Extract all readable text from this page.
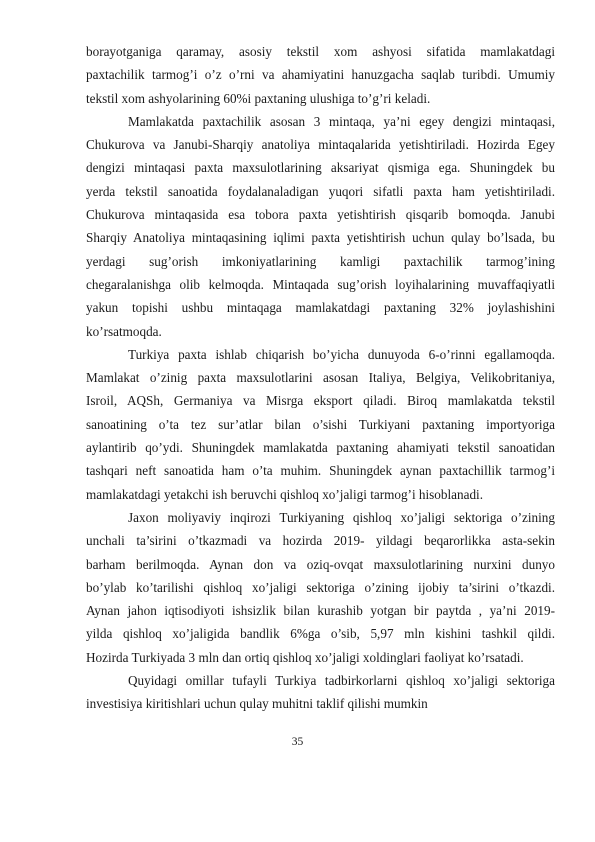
borayotganiga qaramay, asosiy tekstil xom ashyosi sifatida mamlakatdagi
paxtachilik tarmog’i o’z o’rni va ahamiyatini hanuzgacha saqlab turibdi. Umumiy
tekstil xom ashyolarining 60%i paxtaning ulushiga to’g’ri keladi.
Mamlakatda paxtachilik asosan 3 mintaqa, ya’ni egey dengizi mintaqasi,
Chukurova va Janubi-Sharqiy anatoliya mintaqalarida yetishtiriladi. Hozirda Egey
dengizi mintaqasi paxta maxsulotlarining aksariyat qismiga ega. Shuningdek bu
yerda tekstil sanoatida foydalanaladigan yuqori sifatli paxta ham yetishtiriladi.
Chukurova mintaqasida esa tobora paxta yetishtirish qisqarib bomoqda. Janubi
Sharqiy Anatoliya mintaqasining iqlimi paxta yetishtirish uchun qulay bo’lsada, bu
yerdagi sug’orish imkoniyatlarining kamligi paxtachilik tarmog’ining
chegaralanishga olib kelmoqda. Mintaqada sug’orish loyihalarining muvaffaqiyatli
yakun topishi ushbu mintaqaga mamlakatdagi paxtaning 32% joylashishini
ko’rsatmoqda.
Turkiya paxta ishlab chiqarish bo’yicha dunuyoda 6-o’rinni egallamoqda.
Mamlakat o’zinig paxta maxsulotlarini asosan Italiya, Belgiya, Velikobritaniya,
Isroil, AQSh, Germaniya va Misrga eksport qiladi. Biroq mamlakatda tekstil
sanoatining o’ta tez sur’atlar bilan o’sishi Turkiyani paxtaning importyoriga
aylantirib qo’ydi. Shuningdek mamlakatda paxtaning ahamiyati tekstil sanoatidan
tashqari neft sanoatida ham o’ta muhim. Shuningdek aynan paxtachillik tarmog’i
mamlakatdagi yetakchi ish beruvchi qishloq xo’jaligi tarmog’i hisoblanadi.
Jaxon moliyaviy inqirozi Turkiyaning qishloq xo’jaligi sektoriga o’zining
unchali ta’sirini o’tkazmadi va hozirda 2019- yildagi beqarorlikka asta-sekin
barham berilmoqda. Aynan don va oziq-ovqat maxsulotlarining nurxini dunyo
bo’ylab ko’tarilishi qishloq xo’jaligi sektoriga o’zining ijobiy ta’sirini o’tkazdi.
Aynan jahon iqtisodiyoti ishsizlik bilan kurashib yotgan bir paytda , ya’ni 2019-
yilda qishloq xo’jaligida bandlik 6%ga o’sib, 5,97 mln kishini tashkil qildi.
Hozirda Turkiyada 3 mln dan ortiq qishloq xo’jaligi xoldinglari faoliyat ko’rsatadi.
Quyidagi omillar tufayli Turkiya tadbirkorlarni qishloq xo’jaligi sektoriga
investisiya kiritishlari uchun qulay muhitni taklif qilishi mumkin
35
